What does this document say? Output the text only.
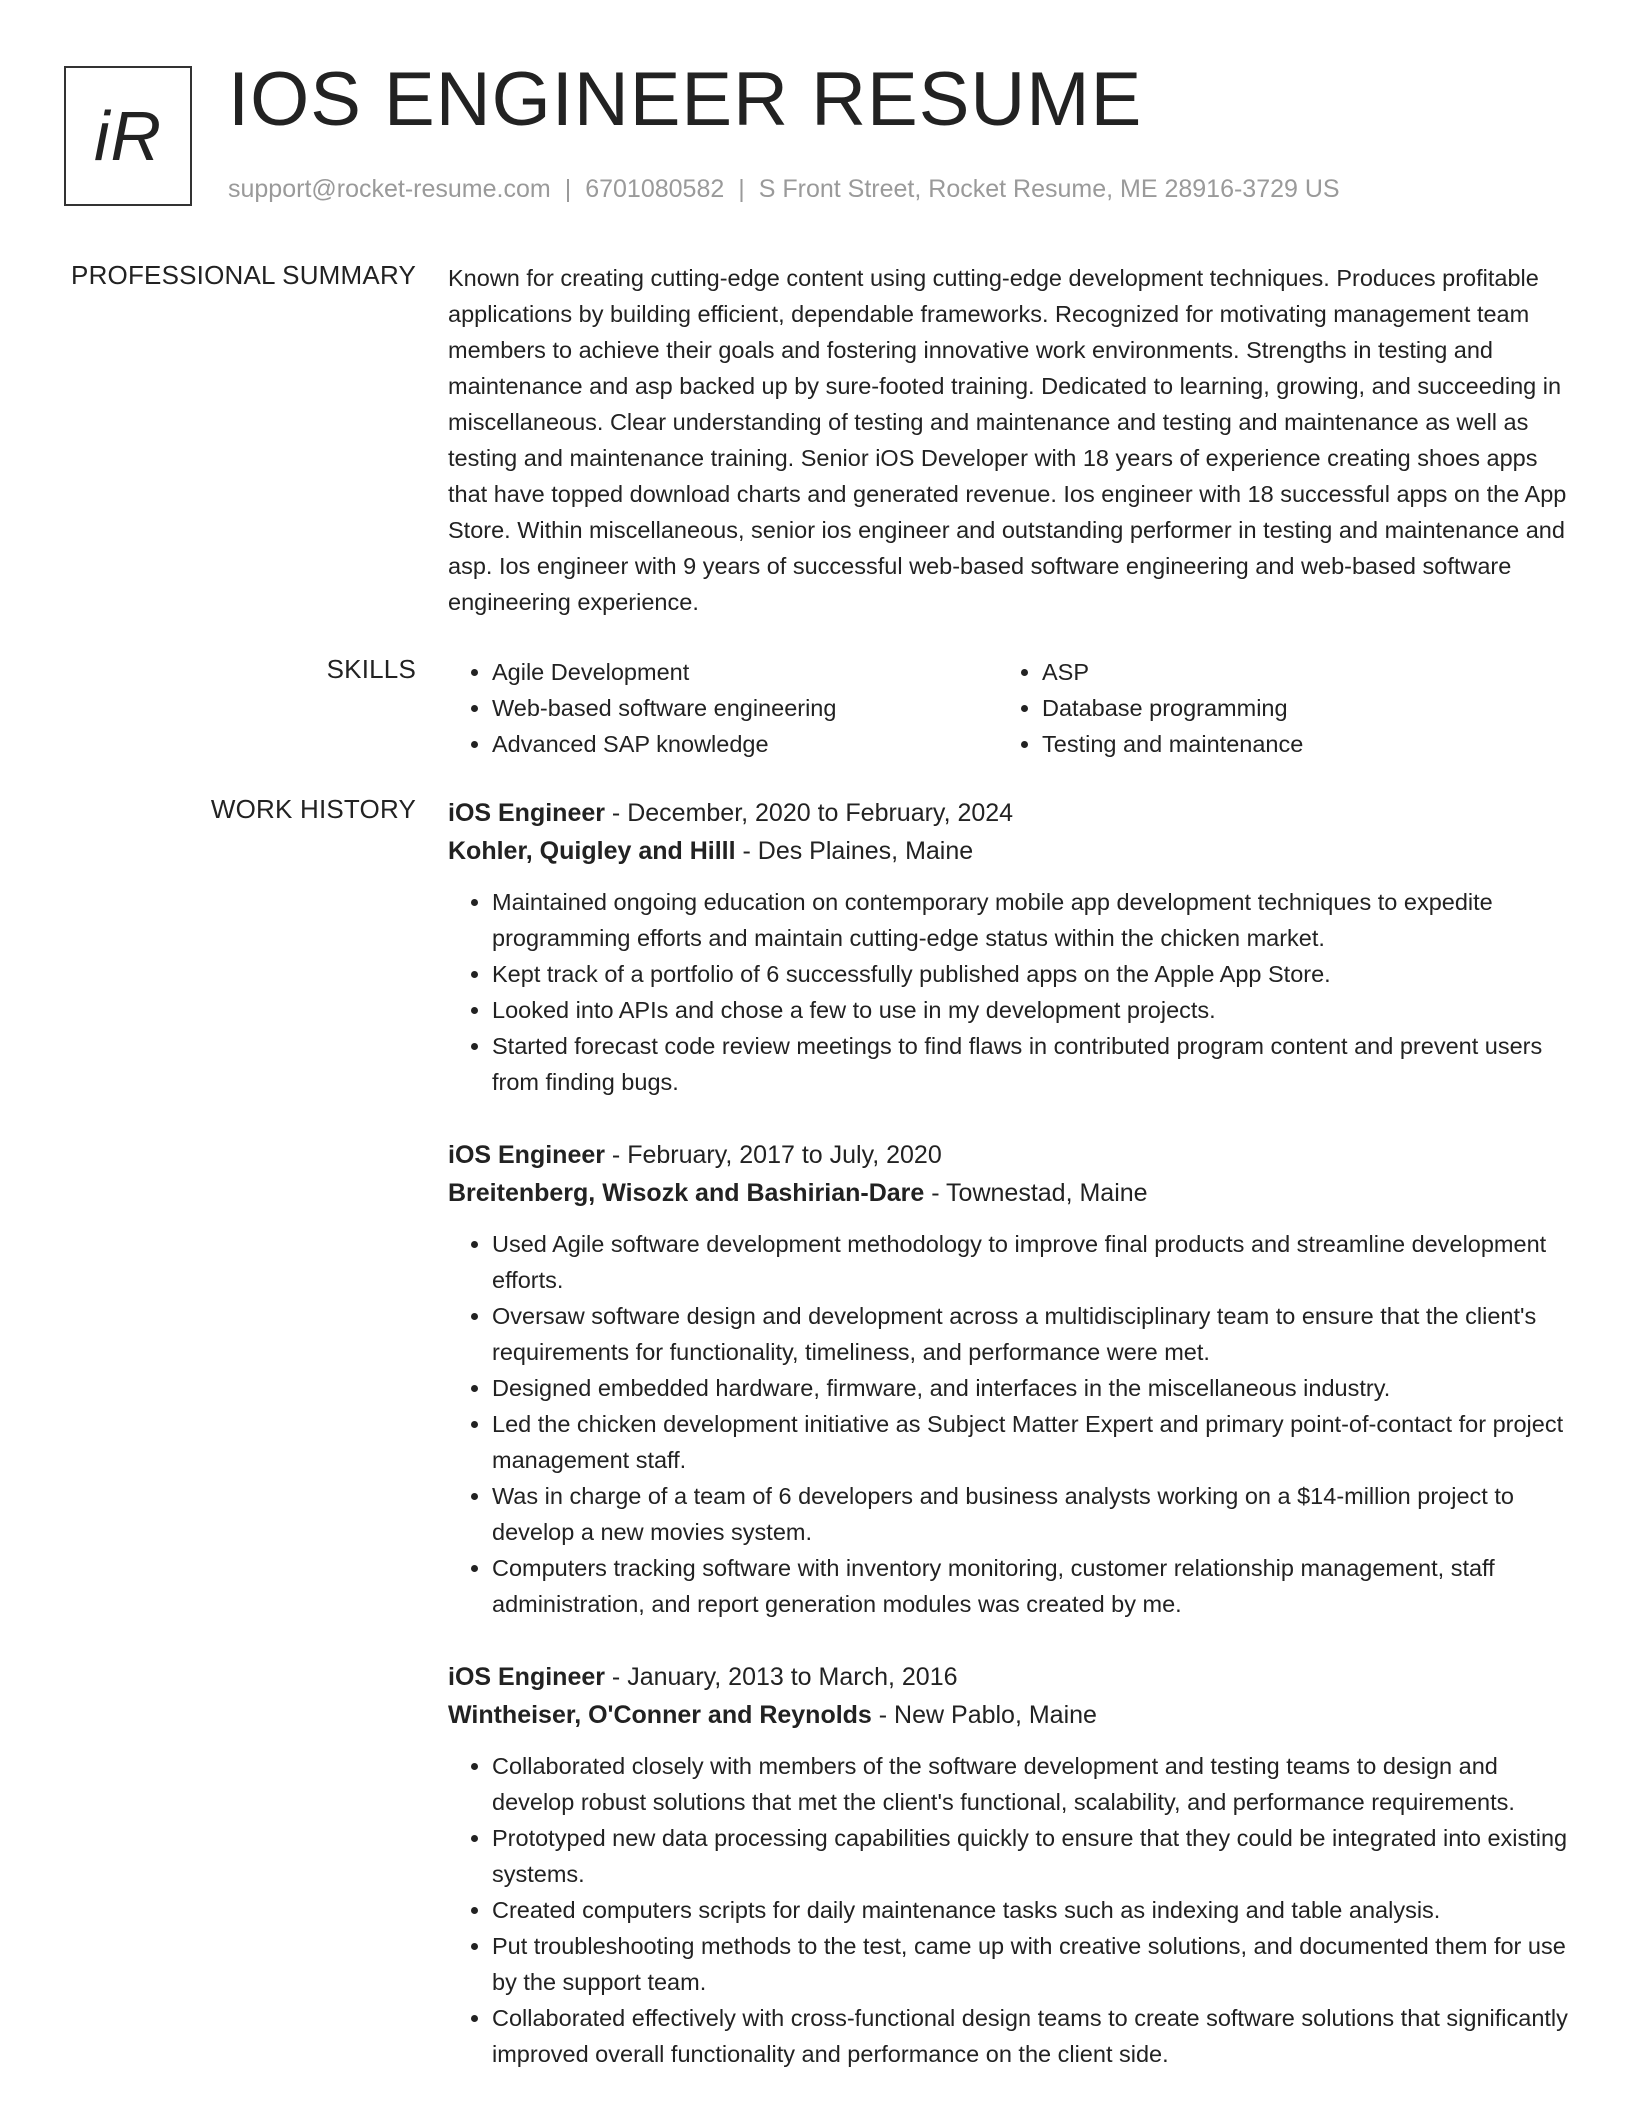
iR IOS ENGINEER RESUME
support@rocket-resume.com | 6701080582 | S Front Street, Rocket Resume, ME 28916-3729 US
PROFESSIONAL SUMMARY Known for creating cutting-edge content using cutting-edge development techniques. Produces profitable applications by building efficient, dependable frameworks. Recognized for motivating management team members to achieve their goals and fostering innovative work environments. Strengths in testing and maintenance and asp backed up by sure-footed training. Dedicated to learning, growing, and succeeding in miscellaneous. Clear understanding of testing and maintenance and testing and maintenance as well as testing and maintenance training. Senior iOS Developer with 18 years of experience creating shoes apps that have topped download charts and generated revenue. Ios engineer with 18 successful apps on the App Store. Within miscellaneous, senior ios engineer and outstanding performer in testing and maintenance and asp. Ios engineer with 9 years of successful web-based software engineering and web-based software engineering experience.
SKILLS
•	Agile Development
• Web-based software engineering
• Advanced SAP knowledge
• ASP
• Database programming
• Testing and maintenance
WORK HISTORY iOS Engineer - December, 2020 to February, 2024
Kohler, Quigley and Hilll - Des Plaines, Maine
• Maintained ongoing education on contemporary mobile app development techniques to expedite programming efforts and maintain cutting-edge status within the chicken market.
• Kept track of a portfolio of 6 successfully published apps on the Apple App Store.
• Looked into APIs and chose a few to use in my development projects.
• Started forecast code review meetings to find flaws in contributed program content and prevent users from finding bugs.
iOS Engineer - February, 2017 to July, 2020
Breitenberg, Wisozk and Bashirian-Dare - Townestad, Maine
• Used Agile software development methodology to improve final products and streamline development efforts.
• Oversaw software design and development across a multidisciplinary team to ensure that the client's requirements for functionality, timeliness, and performance were met.
• Designed embedded hardware, firmware, and interfaces in the miscellaneous industry.
• Led the chicken development initiative as Subject Matter Expert and primary point-of-contact for project management staff.
• Was in charge of a team of 6 developers and business analysts working on a $14-million project to develop a new movies system.
• Computers tracking software with inventory monitoring, customer relationship management, staff administration, and report generation modules was created by me.
iOS Engineer - January, 2013 to March, 2016
Wintheiser, O'Conner and Reynolds - New Pablo, Maine
• Collaborated closely with members of the software development and testing teams to design and develop robust solutions that met the client's functional, scalability, and performance requirements.
• Prototyped new data processing capabilities quickly to ensure that they could be integrated into existing systems.
• Created computers scripts for daily maintenance tasks such as indexing and table analysis.
• Put troubleshooting methods to the test, came up with creative solutions, and documented them for use by the support team.
• Collaborated effectively with cross-functional design teams to create software solutions that significantly improved overall functionality and performance on the client side.
